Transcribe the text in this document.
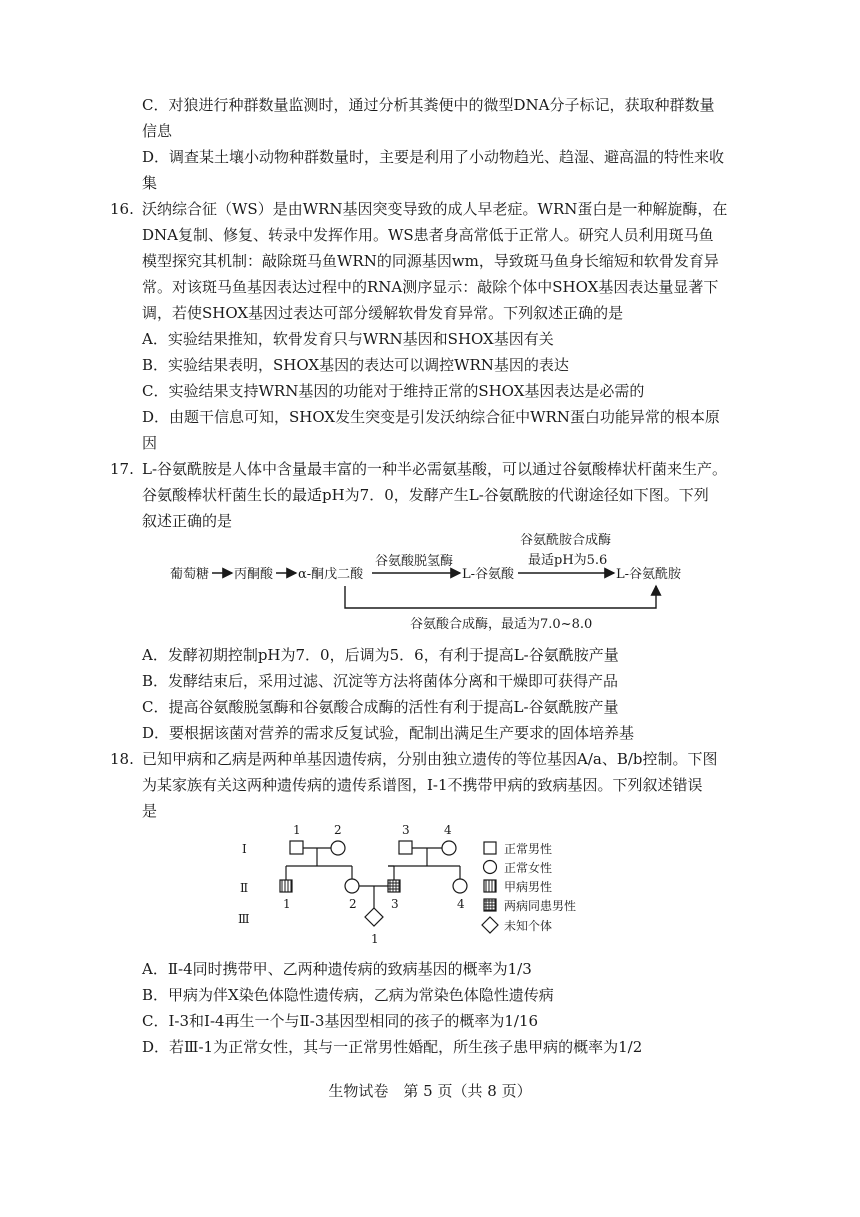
C．对狼进行种群数量监测时，通过分析其粪便中的微型DNA分子标记，获取种群数量
信息
D．调查某土壤小动物种群数量时，主要是利用了小动物趋光、趋湿、避高温的特性来收
集
16. 沃纳综合征（WS）是由WRN基因突变导致的成人早老症。WRN蛋白是一种解旋酶，在
DNA复制、修复、转录中发挥作用。WS患者身高常低于正常人。研究人员利用斑马鱼
模型探究其机制：敲除斑马鱼WRN的同源基因wm，导致斑马鱼身长缩短和软骨发育异
常。对该斑马鱼基因表达过程中的RNA测序显示：敲除个体中SHOX基因表达量显著下
调，若使SHOX基因过表达可部分缓解软骨发育异常。下列叙述正确的是
A．实验结果推知，软骨发育只与WRN基因和SHOX基因有关
B．实验结果表明，SHOX基因的表达可以调控WRN基因的表达
C．实验结果支持WRN基因的功能对于维持正常的SHOX基因表达是必需的
D．由题干信息可知，SHOX发生突变是引发沃纳综合征中WRN蛋白功能异常的根本原
因
17. L-谷氨酰胺是人体中含量最丰富的一种半必需氨基酸，可以通过谷氨酸棒状杆菌来生产。
谷氨酸棒状杆菌生长的最适pH为7．0，发酵产生L-谷氨酰胺的代谢途径如下图。下列
叙述正确的是
葡萄糖 丙酮酸 α-酮戊二酸
谷氨酸脱氢酶
L-谷氨酸
谷氨酰胺合成酶
最适pH为5.6
L-谷氨酰胺
谷氨酸合成酶，最适为7.0~8.0
A．发酵初期控制pH为7．0，后调为5．6，有利于提高L-谷氨酰胺产量
B．发酵结束后，采用过滤、沉淀等方法将菌体分离和干燥即可获得产品
C．提高谷氨酸脱氢酶和谷氨酸合成酶的活性有利于提高L-谷氨酰胺产量
D．要根据该菌对营养的需求反复试验，配制出满足生产要求的固体培养基
18. 已知甲病和乙病是两种单基因遗传病，分别由独立遗传的等位基因A/a、B/b控制。下图
为某家族有关这两种遗传病的遗传系谱图，Ⅰ-1不携带甲病的致病基因。下列叙述错误
是
Ⅰ
Ⅱ
Ⅲ
1	2	3	4
1	2	3	4
1
正常男性
正常女性
甲病男性
两病同患男性
未知个体
A．Ⅱ-4同时携带甲、乙两种遗传病的致病基因的概率为1/3
B．甲病为伴X染色体隐性遗传病，乙病为常染色体隐性遗传病
C．Ⅰ-3和Ⅰ-4再生一个与Ⅱ-3基因型相同的孩子的概率为1/16
D．若Ⅲ-1为正常女性，其与一正常男性婚配，所生孩子患甲病的概率为1/2
生物试卷　第 5 页（共 8 页）
